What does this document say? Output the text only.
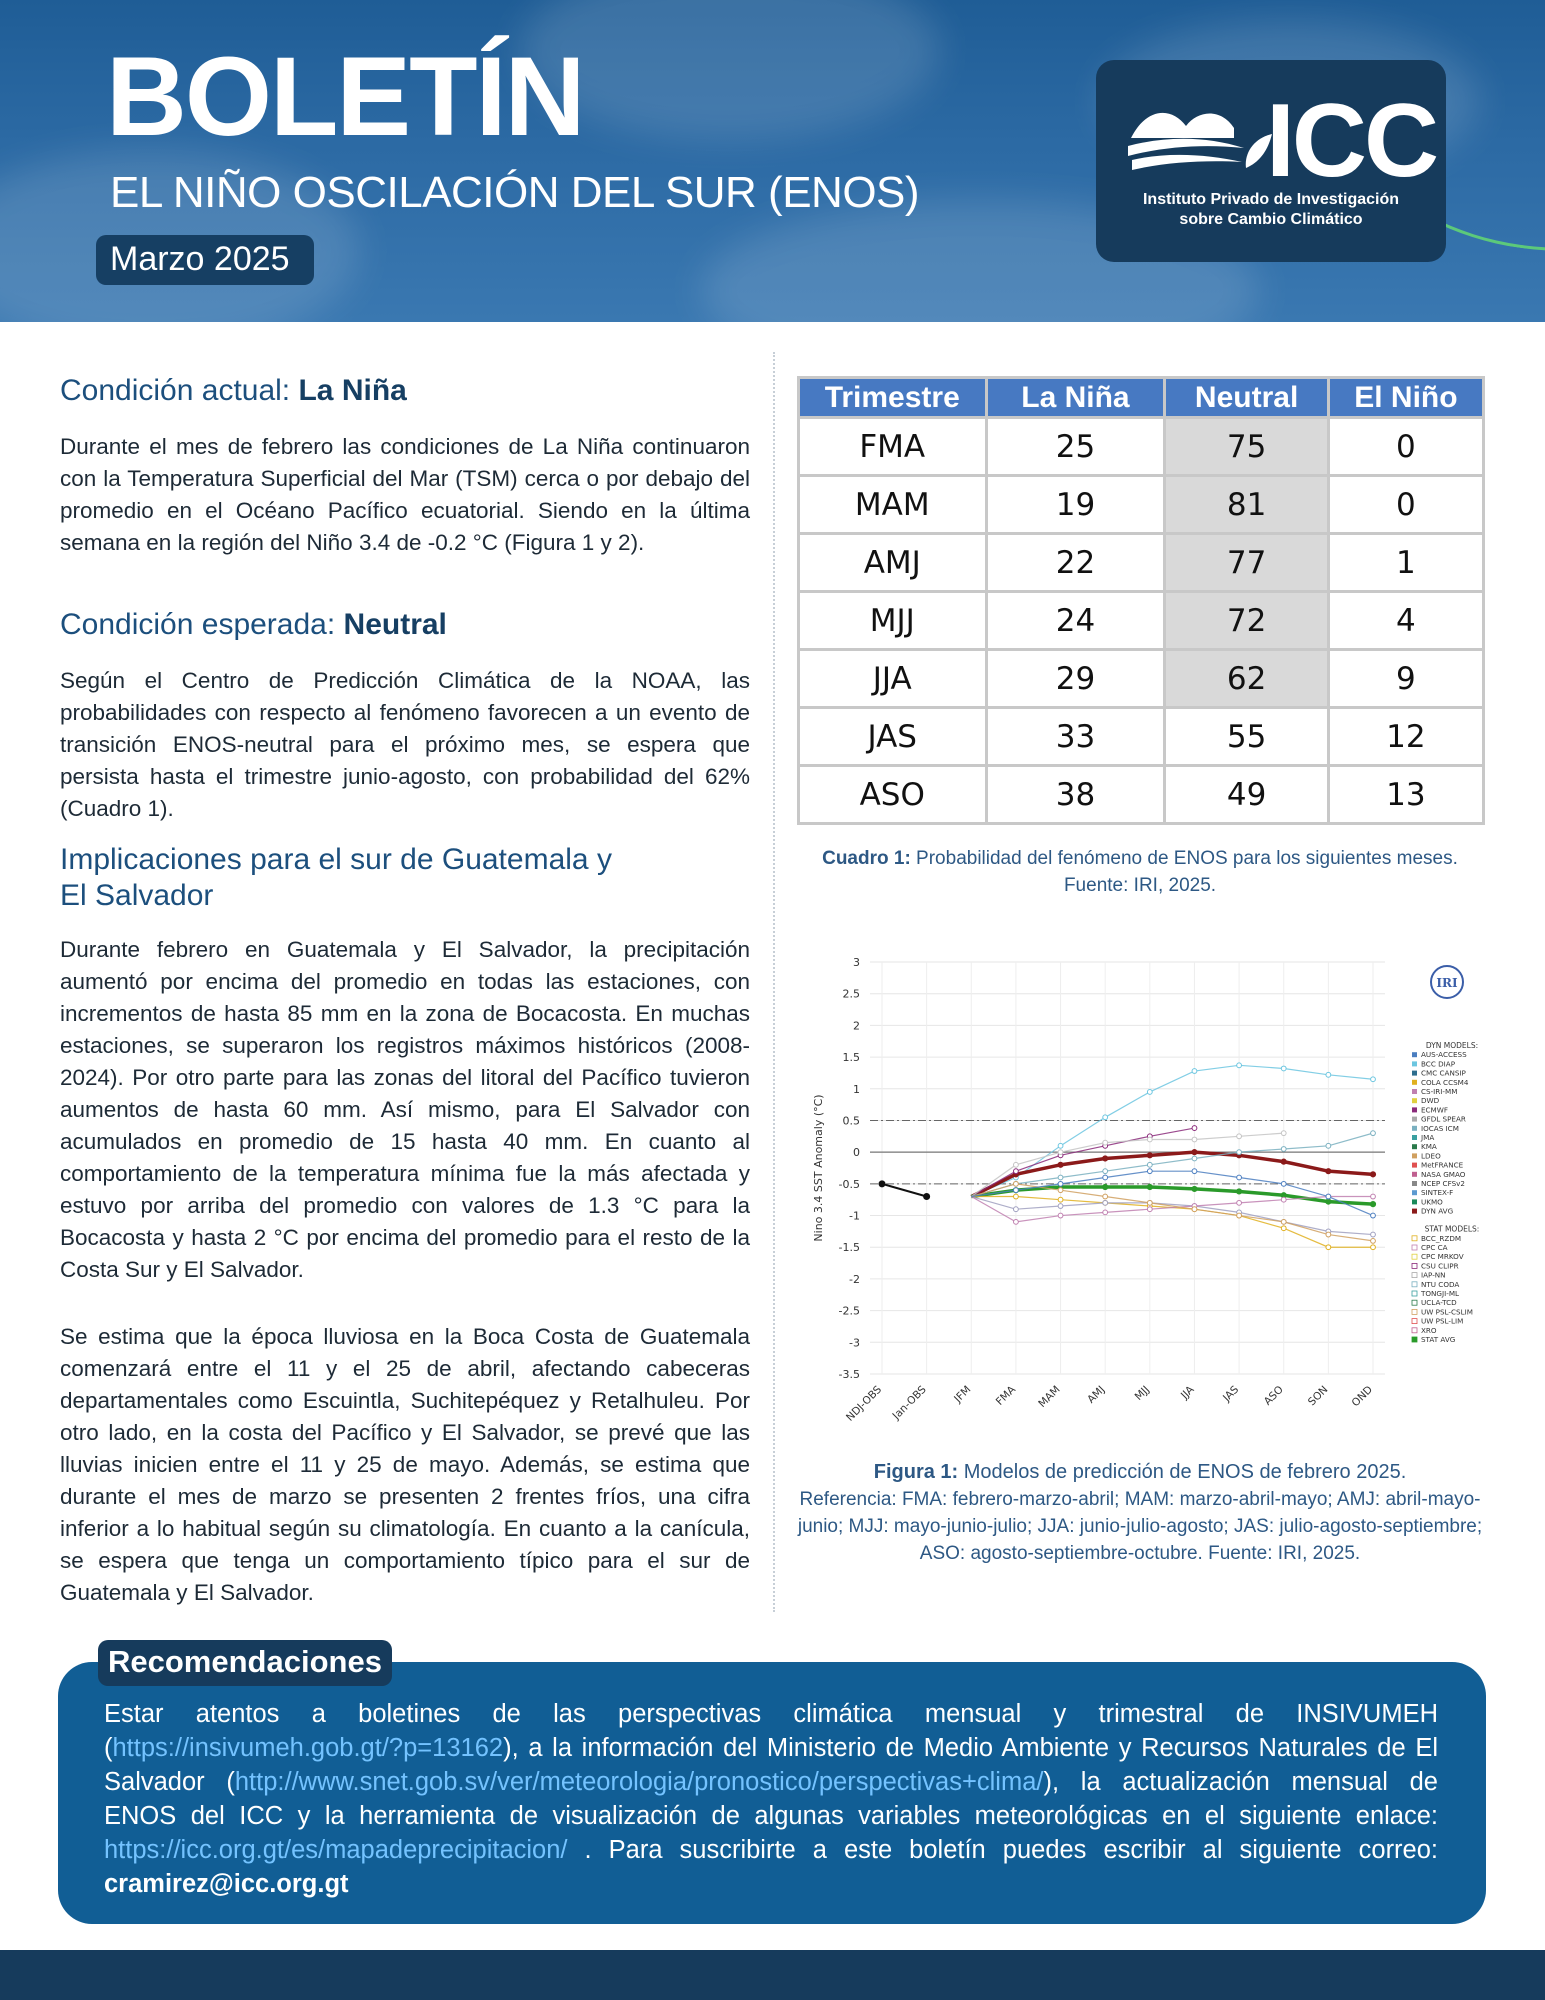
BOLETÍN
EL NIÑO OSCILACIÓN DEL SUR (ENOS)
Marzo 2025
ICC
Instituto Privado de Investigación
sobre Cambio Climático
Condición actual: La Niña

Durante el mes de febrero las condiciones de La Niña continuaron con la Temperatura Superficial del Mar (TSM) cerca o por debajo del promedio en el Océano Pacífico ecuatorial. Siendo en la última semana en la región del Niño 3.4 de -0.2 °C (Figura 1 y 2).

Condición esperada: Neutral

Según el Centro de Predicción Climática de la NOAA, las probabilidades con respecto al fenómeno favorecen a un evento de transición ENOS-neutral para el próximo mes, se espera que persista hasta el trimestre junio-agosto, con probabilidad del 62% (Cuadro 1).

Implicaciones para el sur de Guatemala y
El Salvador

Durante febrero en Guatemala y El Salvador, la precipitación aumentó por encima del promedio en todas las estaciones, con incrementos de hasta 85 mm en la zona de Bocacosta. En muchas estaciones, se superaron los registros máximos históricos (2008-2024). Por otro parte para las zonas del litoral del Pacífico tuvieron aumentos de hasta 60 mm. Así mismo, para El Salvador con acumulados en promedio de 15 hasta 40 mm. En cuanto al comportamiento de la temperatura mínima fue la más afectada y estuvo por arriba del promedio con valores de 1.3 °C para la Bocacosta y hasta 2 °C por encima del promedio para el resto de la Costa Sur y El Salvador.

Se estima que la época lluviosa en la Boca Costa de Guatemala comenzará entre el 11 y el 25 de abril, afectando cabeceras departamentales como Escuintla, Suchitepéquez y Retalhuleu. Por otro lado, en la costa del Pacífico y El Salvador, se prevé que las lluvias inicien entre el 11 y 25 de mayo. Además, se estima que durante el mes de marzo se presenten 2 frentes fríos, una cifra inferior a lo habitual según su climatología. En cuanto a la canícula, se espera que tenga un comportamiento típico para el sur de Guatemala y El Salvador.

Trimestre	La Niña	Neutral	El Niño
FMA	25	75	0
MAM	19	81	0
AMJ	22	77	1
MJJ	24	72	4
JJA	29	62	9
JAS	33	55	12
ASO	38	49	13
Cuadro 1: Probabilidad del fenómeno de ENOS para los siguientes meses.
Fuente: IRI, 2025.
3
2.5
2
1.5
1
0.5
0
-0.5
-1
-1.5
-2
-2.5
-3
-3.5
NDJ-OBS Jan-OBS JFM FMA MAM AMJ MJJ	JJA JAS ASO SON OND
Nino 3.4 SST Anomaly (°C)
IRI
DYN MODELS:
AUS-ACCESS
BCC DIAP
CMC CANSIP
COLA CCSM4
CS-IRI-MM
DWD
ECMWF
GFDL SPEAR
IOCAS ICM
JMA
KMA
LDEO
MetFRANCE
NASA GMAO
NCEP CFSv2
SINTEX-F
UKMO
DYN AVG
STAT MODELS:
BCC_RZDM
CPC CA
CPC MRKOV
CSU CLIPR
IAP-NN
NTU CODA
TONGJI-ML
UCLA-TCD
UW PSL-CSLIM
UW PSL-LIM
XRO
STAT AVG
Figura 1: Modelos de predicción de ENOS de febrero 2025.
Referencia: FMA: febrero-marzo-abril; MAM: marzo-abril-mayo; AMJ: abril-mayo-junio; MJJ: mayo-junio-julio; JJA: junio-julio-agosto; JAS: julio-agosto-septiembre; ASO: agosto-septiembre-octubre. Fuente: IRI, 2025.
Recomendaciones
Estar atentos a boletines de las perspectivas climática mensual y trimestral de INSIVUMEH (https://insivumeh.gob.gt/?p=13162), a la información del Ministerio de Medio Ambiente y Recursos Naturales de El Salvador (http://www.snet.gob.sv/ver/meteorologia/pronostico/perspectivas+clima/), la actualización mensual de ENOS del ICC y la herramienta de visualización de algunas variables meteorológicas en el siguiente enlace: https://icc.org.gt/es/mapadeprecipitacion/ . Para suscribirte a este boletín puedes escribir al siguiente correo: cramirez@icc.org.gt
